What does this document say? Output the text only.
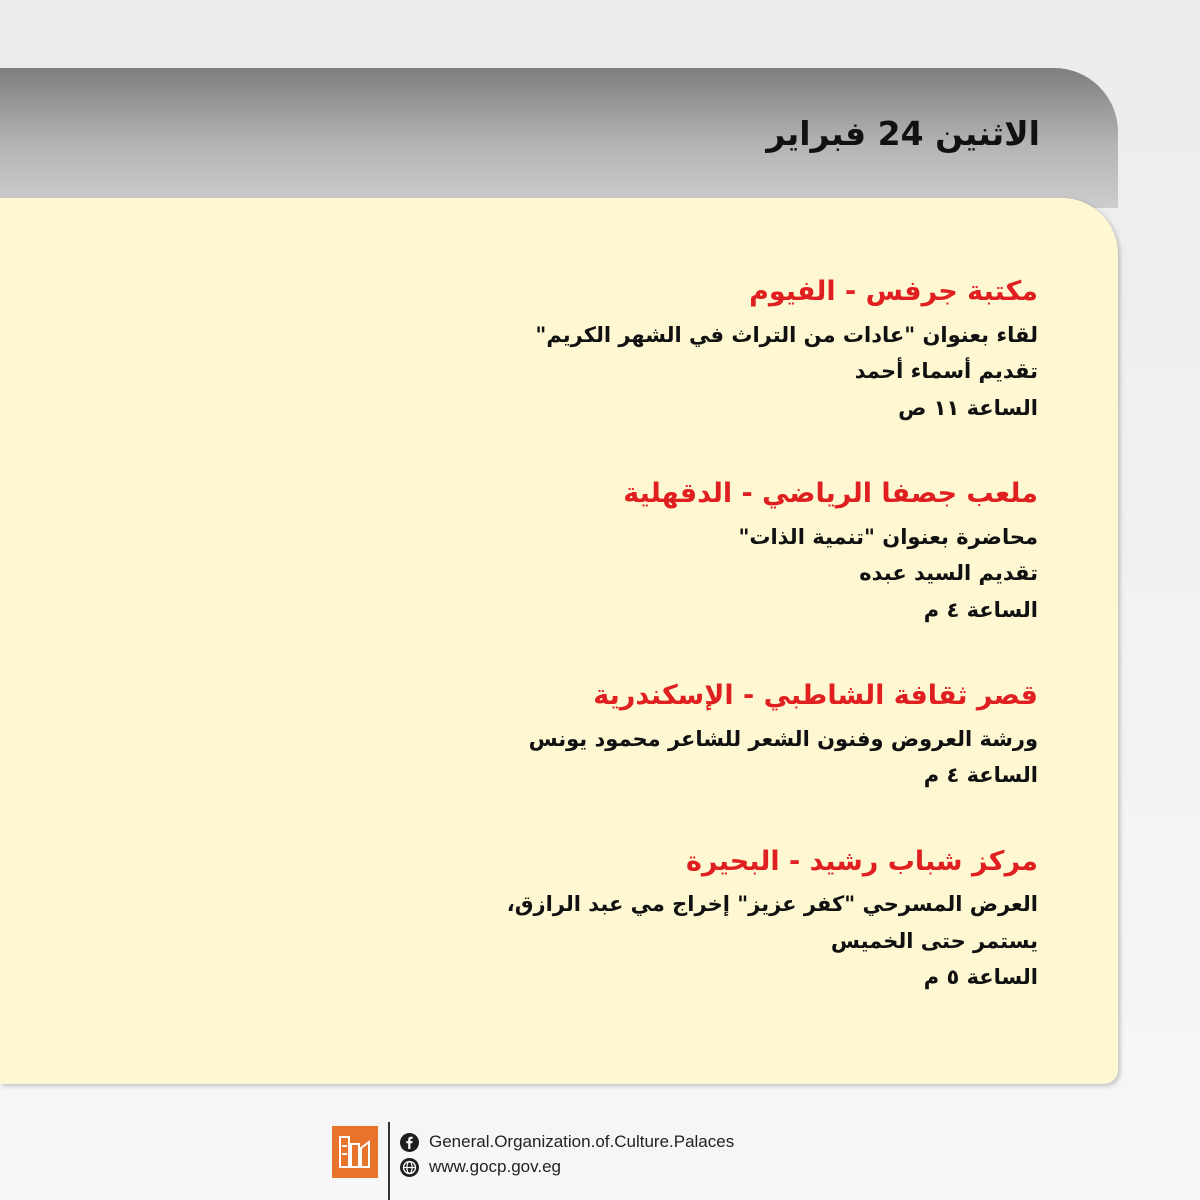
الاثنين 24 فبراير

مكتبة جرفس - الفيوم

لقاء بعنوان "عادات من التراث في الشهر الكريم"

تقديم أسماء أحمد

الساعة ١١ ص

ملعب جصفا الرياضي - الدقهلية

محاضرة بعنوان "تنمية الذات"

تقديم السيد عبده

الساعة ٤ م

قصر ثقافة الشاطبي - الإسكندرية

ورشة العروض وفنون الشعر للشاعر محمود يونس

الساعة ٤ م

مركز شباب رشيد - البحيرة

العرض المسرحي "كفر عزيز" إخراج مي عبد الرازق،

يستمر حتى الخميس

الساعة ٥ م

General.Organization.of.Culture.Palaces
www.gocp.gov.eg
